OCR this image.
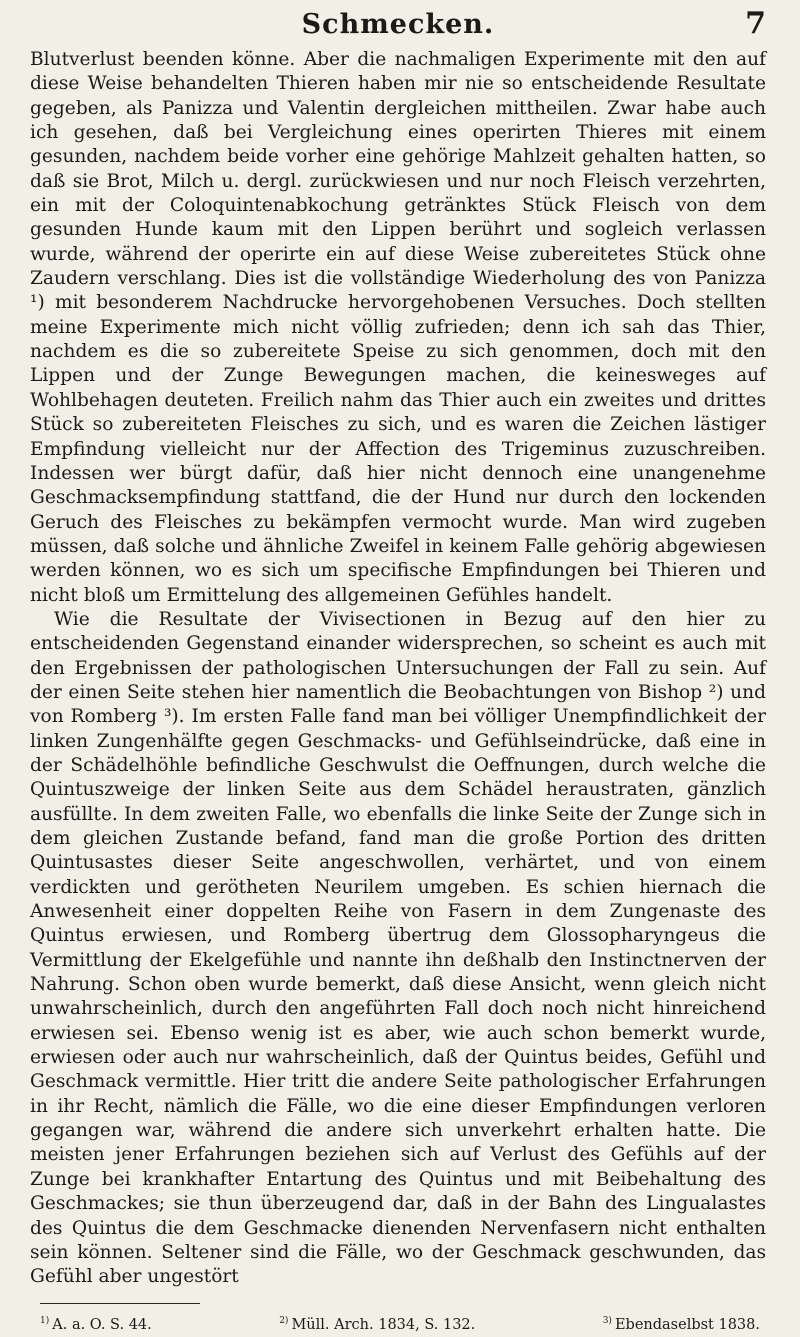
Schmecken.	7

Blutverlust beenden könne. Aber die nachmaligen Experimente mit den auf diese Weise behandelten Thieren haben mir nie so entscheidende Resultate gegeben, als Panizza und Valentin dergleichen mittheilen. Zwar habe auch ich gesehen, daß bei Vergleichung eines operirten Thieres mit einem gesunden, nachdem beide vorher eine gehörige Mahlzeit gehalten hatten, so daß sie Brot, Milch u. dergl. zurückwiesen und nur noch Fleisch verzehrten, ein mit der Coloquintenabkochung getränktes Stück Fleisch von dem gesunden Hunde kaum mit den Lippen berührt und sogleich verlassen wurde, während der operirte ein auf diese Weise zubereitetes Stück ohne Zaudern verschlang. Dies ist die vollständige Wiederholung des von Panizza ¹) mit besonderem Nachdrucke hervorgehobenen Versuches. Doch stellten meine Experimente mich nicht völlig zufrieden; denn ich sah das Thier, nachdem es die so zubereitete Speise zu sich genommen, doch mit den Lippen und der Zunge Bewegungen machen, die keinesweges auf Wohlbehagen deuteten. Freilich nahm das Thier auch ein zweites und drittes Stück so zubereiteten Fleisches zu sich, und es waren die Zeichen lästiger Empfindung vielleicht nur der Affection des Trigeminus zuzuschreiben. Indessen wer bürgt dafür, daß hier nicht dennoch eine unangenehme Geschmacksempfindung stattfand, die der Hund nur durch den lockenden Geruch des Fleisches zu bekämpfen vermocht wurde. Man wird zugeben müssen, daß solche und ähnliche Zweifel in keinem Falle gehörig abgewiesen werden können, wo es sich um specifische Empfindungen bei Thieren und nicht bloß um Ermittelung des allgemeinen Gefühles handelt.

Wie die Resultate der Vivisectionen in Bezug auf den hier zu entscheidenden Gegenstand einander widersprechen, so scheint es auch mit den Ergebnissen der pathologischen Untersuchungen der Fall zu sein. Auf der einen Seite stehen hier namentlich die Beobachtungen von Bishop ²) und von Romberg ³). Im ersten Falle fand man bei völliger Unempfindlichkeit der linken Zungenhälfte gegen Geschmacks- und Gefühlseindrücke, daß eine in der Schädelhöhle befindliche Geschwulst die Oeffnungen, durch welche die Quintuszweige der linken Seite aus dem Schädel heraustraten, gänzlich ausfüllte. In dem zweiten Falle, wo ebenfalls die linke Seite der Zunge sich in dem gleichen Zustande befand, fand man die große Portion des dritten Quintusastes dieser Seite angeschwollen, verhärtet, und von einem verdickten und gerötheten Neurilem umgeben. Es schien hiernach die Anwesenheit einer doppelten Reihe von Fasern in dem Zungenaste des Quintus erwiesen, und Romberg übertrug dem Glossopharyngeus die Vermittlung der Ekelgefühle und nannte ihn deßhalb den Instinctnerven der Nahrung. Schon oben wurde bemerkt, daß diese Ansicht, wenn gleich nicht unwahrscheinlich, durch den angeführten Fall doch noch nicht hinreichend erwiesen sei. Ebenso wenig ist es aber, wie auch schon bemerkt wurde, erwiesen oder auch nur wahrscheinlich, daß der Quintus beides, Gefühl und Geschmack vermittle. Hier tritt die andere Seite pathologischer Erfahrungen in ihr Recht, nämlich die Fälle, wo die eine dieser Empfindungen verloren gegangen war, während die andere sich unverkehrt erhalten hatte. Die meisten jener Erfahrungen beziehen sich auf Verlust des Gefühls auf der Zunge bei krankhafter Entartung des Quintus und mit Beibehaltung des Geschmackes; sie thun überzeugend dar, daß in der Bahn des Lingualastes des Quintus die dem Geschmacke dienenden Nervenfasern nicht enthalten sein können. Seltener sind die Fälle, wo der Geschmack geschwunden, das Gefühl aber ungestört

$^{1)}$ A. a. O. S. 44.	$^{2)}$ Müll. Arch. 1834, S. 132.	$^{3)}$ Ebendaselbst 1838.
